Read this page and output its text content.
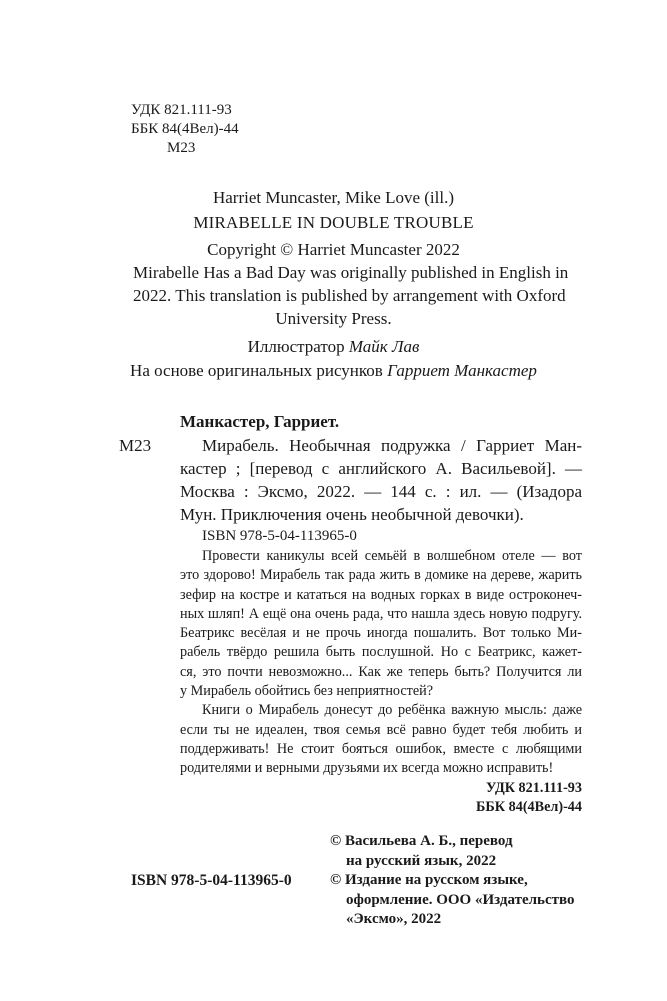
УДК 821.111-93
ББК 84(4Вел)-44
М23
Harriet Muncaster, Mike Love (ill.)
MIRABELLE IN DOUBLE TROUBLE
Copyright © Harriet Muncaster 2022
Mirabelle Has a Bad Day was originally published in English in
2022. This translation is published by arrangement with Oxford
University Press.
Иллюстратор Майк Лав
На основе оригинальных рисунков Гарриет Манкастер
Манкастер, Гарриет.
М23	Мирабель. Необычная подружка / Гарриет Ман-
кастер ; [перевод с английского А. Васильевой]. —
Москва : Эксмо, 2022. — 144 с. : ил. — (Изадора
Мун. Приключения очень необычной девочки).
ISBN 978-5-04-113965-0
Провести каникулы всей семьёй в волшебном отеле — вот
это здорово! Мирабель так рада жить в домике на дереве, жарить
зефир на костре и кататься на водных горках в виде остроконеч-
ных шляп! А ещё она очень рада, что нашла здесь новую подругу.
Беатрикс весёлая и не прочь иногда пошалить. Вот только Ми-
рабель твёрдо решила быть послушной. Но с Беатрикс, кажет-
ся, это почти невозможно... Как же теперь быть? Получится ли
у Мирабель обойтись без неприятностей?
Книги о Мирабель донесут до ребёнка важную мысль: даже
если ты не идеален, твоя семья всё равно будет тебя любить и
поддерживать! Не стоит бояться ошибок, вместе с любящими
родителями и верными друзьями их всегда можно исправить!
УДК 821.111-93
ББК 84(4Вел)-44
© Васильева А. Б., перевод
на русский язык, 2022
© Издание на русском языке,
оформление. ООО «Издательство
«Эксмо», 2022
ISBN 978-5-04-113965-0
